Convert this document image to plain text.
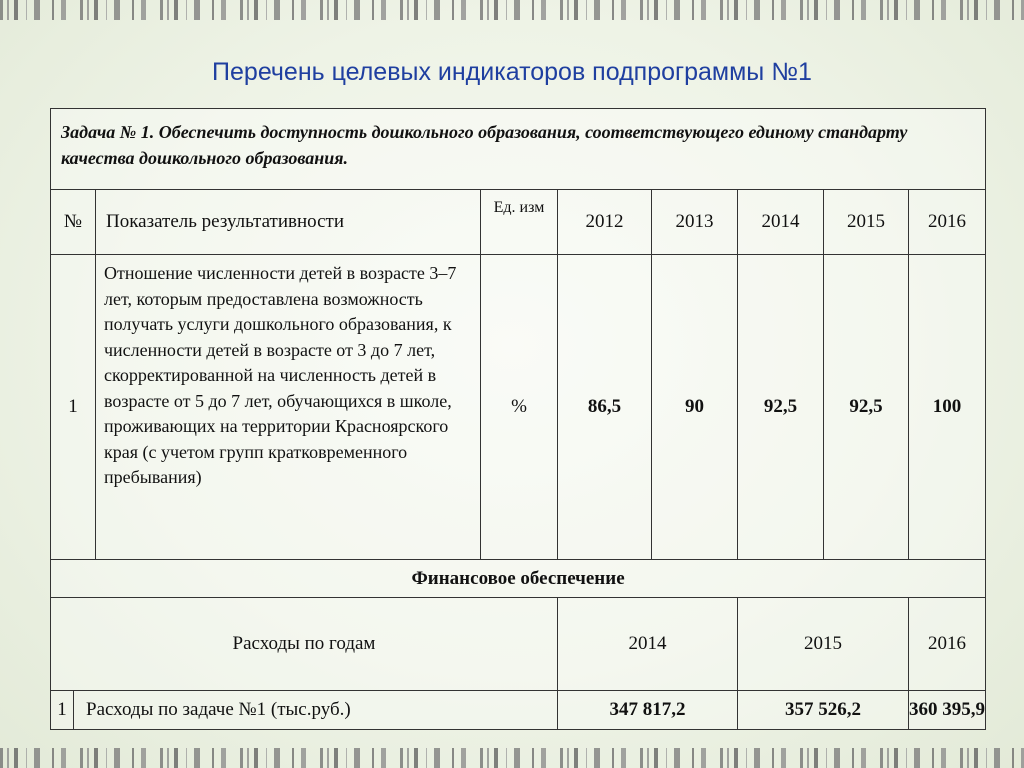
Перечень целевых индикаторов подпрограммы №1
Задача № 1. Обеспечить доступность дошкольного образования, соответствующего единому стандарту качества дошкольного образования.							
№	Показатель результативности	Ед. изм	2012	2013	2014	2015	2016
1	Отношение численности детей в возрасте 3–7 лет, которым предоставлена возможность получать услуги дошкольного образования, к численности детей в возрасте от 3 до 7 лет, скорректированной на численность детей в возрасте от 5 до 7 лет, обучающихся в школе, проживающих на территории Красноярского края (с учетом групп кратковременного пребывания)	%	86,5	90	92,5	92,5	100
Финансовое обеспечение							
Расходы по годам			2014		2015		2016

1 Расходы по задаче №1 (тыс.руб.)			347 817,2		357 526,2		360 395,9
